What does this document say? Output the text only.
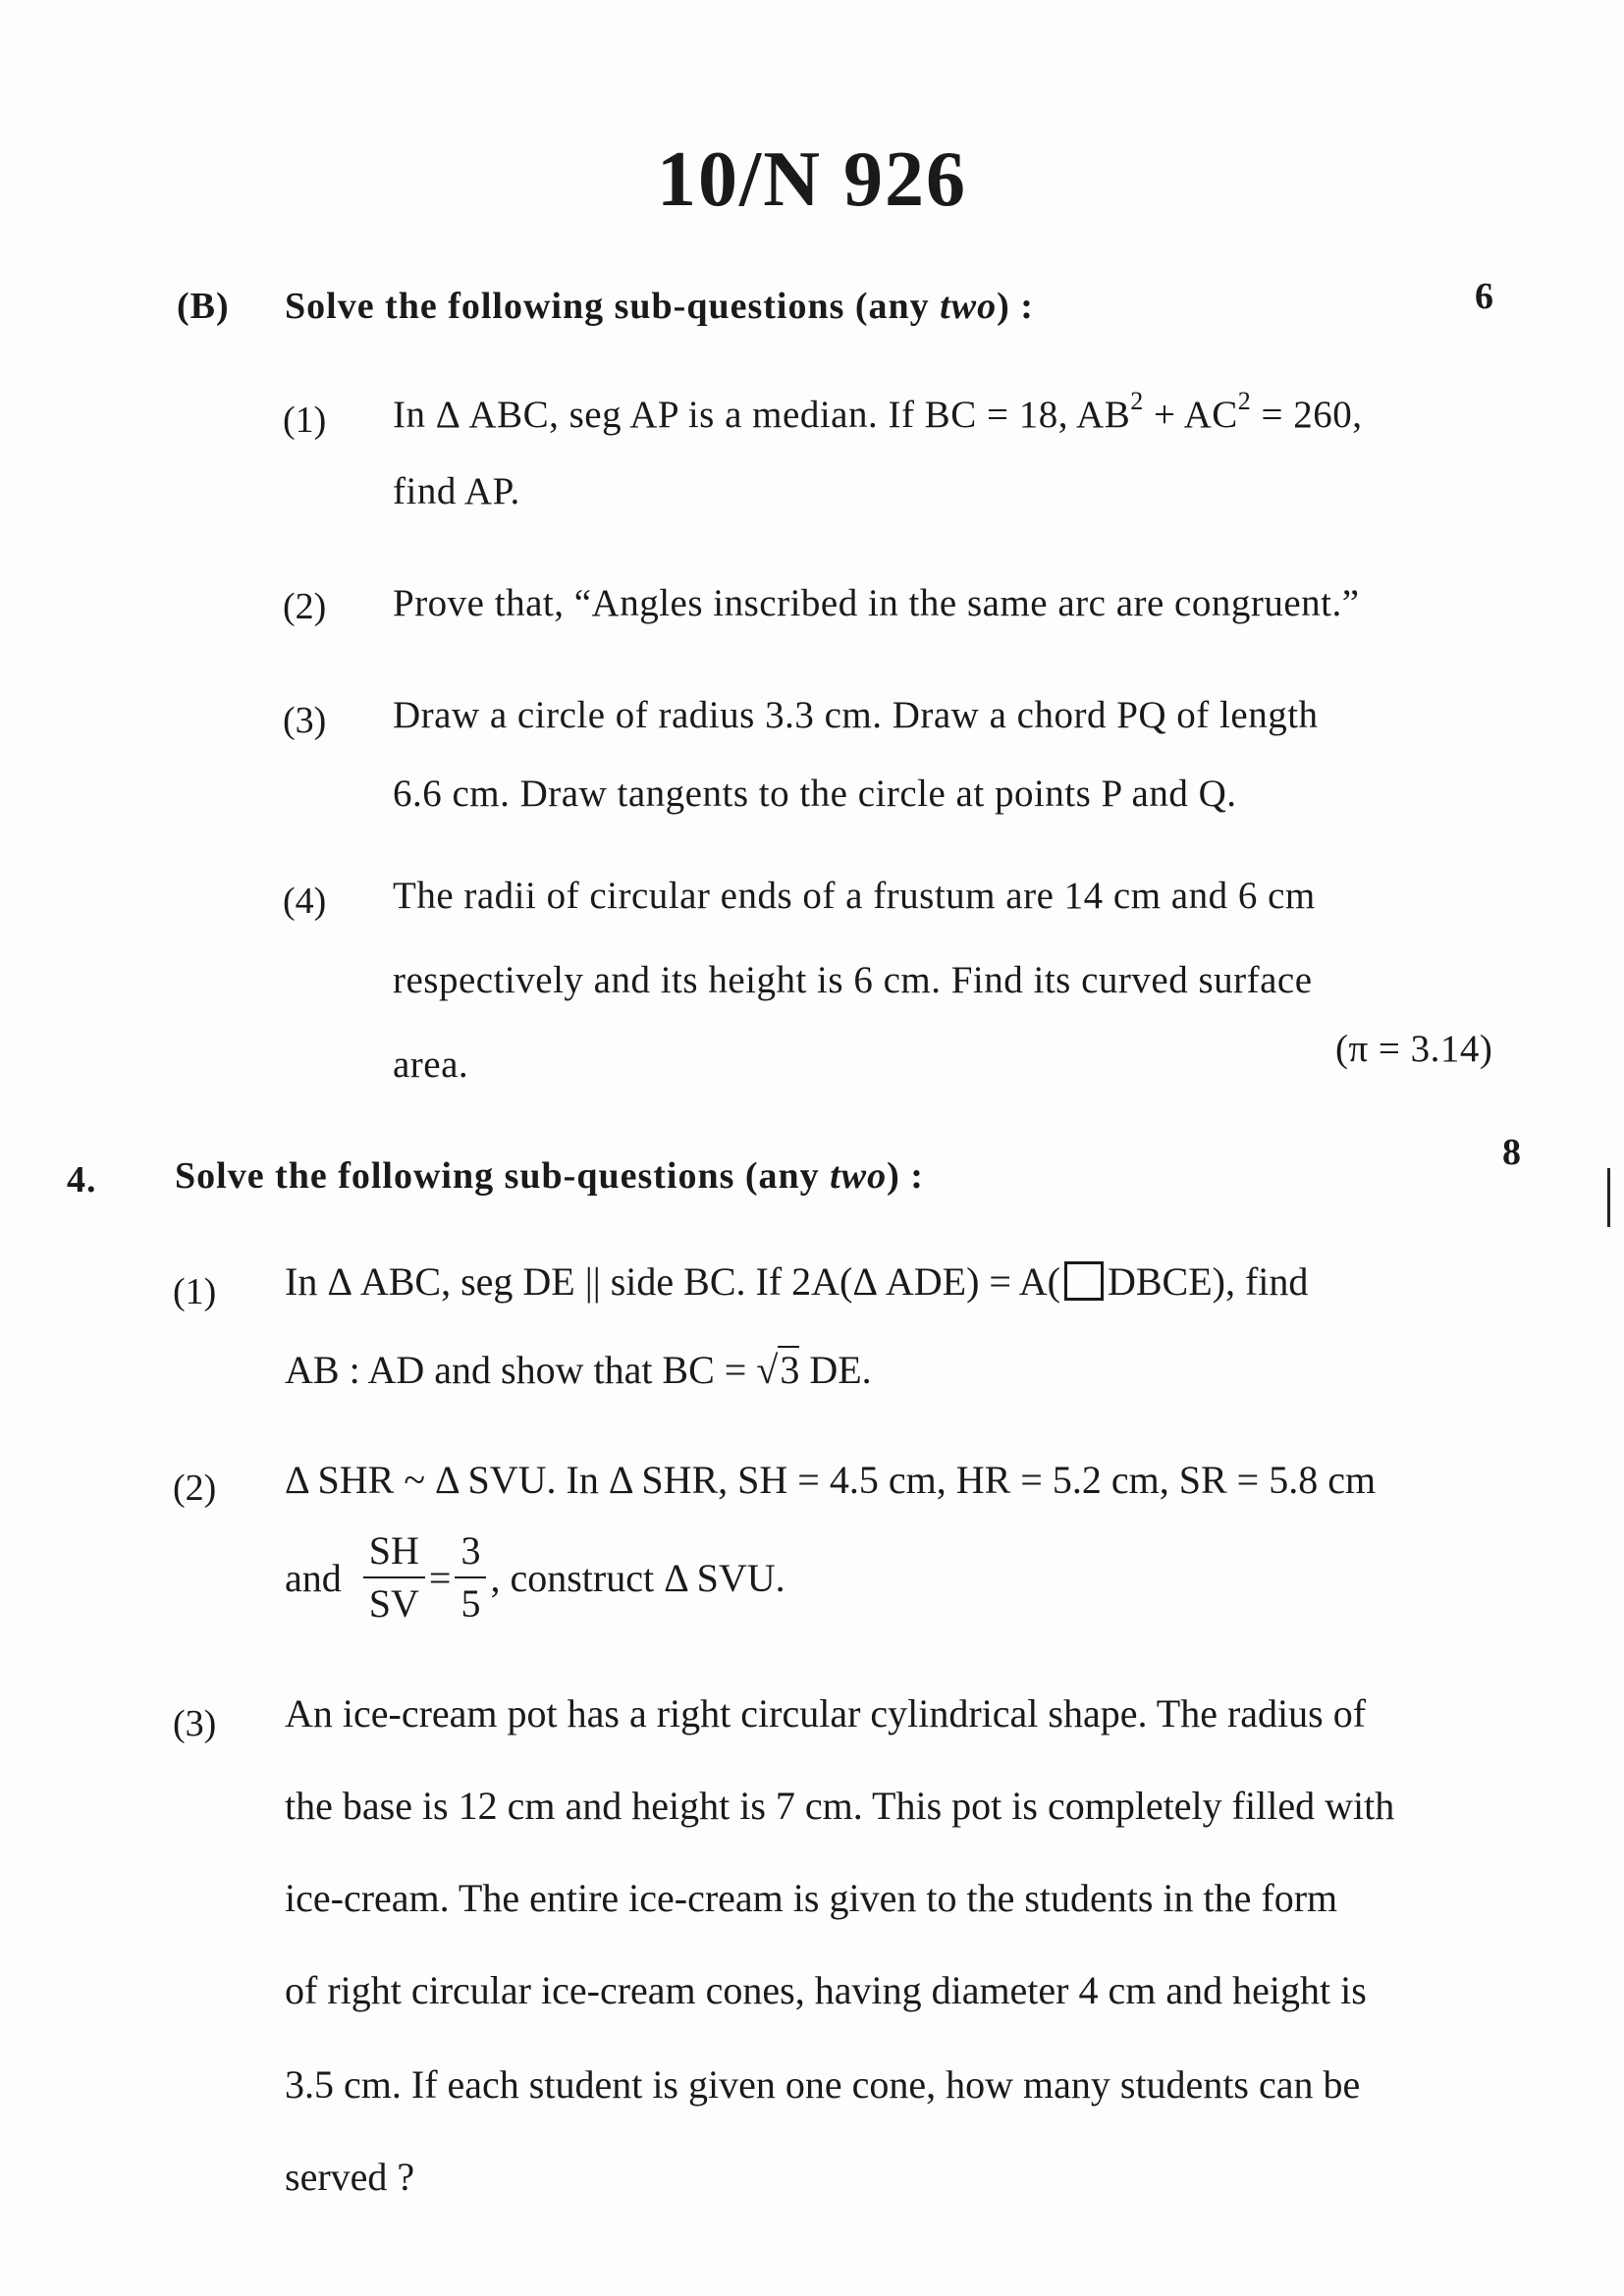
10/N 926
(B) Solve the following sub-questions (any two) :	6
(1) In Δ ABC, seg AP is a median. If BC = 18, $AB^2 + AC^2 = 260$,
find AP.
(2) Prove that, “Angles inscribed in the same arc are congruent.”
(3) Draw a circle of radius 3.3 cm. Draw a chord PQ of length
6.6 cm. Draw tangents to the circle at points P and Q.
(4) The radii of circular ends of a frustum are 14 cm and 6 cm
respectively and its height is 6 cm. Find its curved surface
area.	(π = 3.14)
4. Solve the following sub-questions (any two) :
8
(1) In Δ ABC, seg DE || side BC. If 2A(Δ ADE) = A( DBCE), find
AB : AD and show that BC = √3 DE.
(2) Δ SHR ~ Δ SVU. In Δ SHR, SH = 4.5 cm, HR = 5.2 cm, SR = 5.8 cm
and $\frac{SH}{SV} = \frac{3}{5}$ , construct Δ SVU.
(3) An ice-cream pot has a right circular cylindrical shape. The radius of
the base is 12 cm and height is 7 cm. This pot is completely filled with
ice-cream. The entire ice-cream is given to the students in the form
of right circular ice-cream cones, having diameter 4 cm and height is
3.5 cm. If each student is given one cone, how many students can be
served ?
